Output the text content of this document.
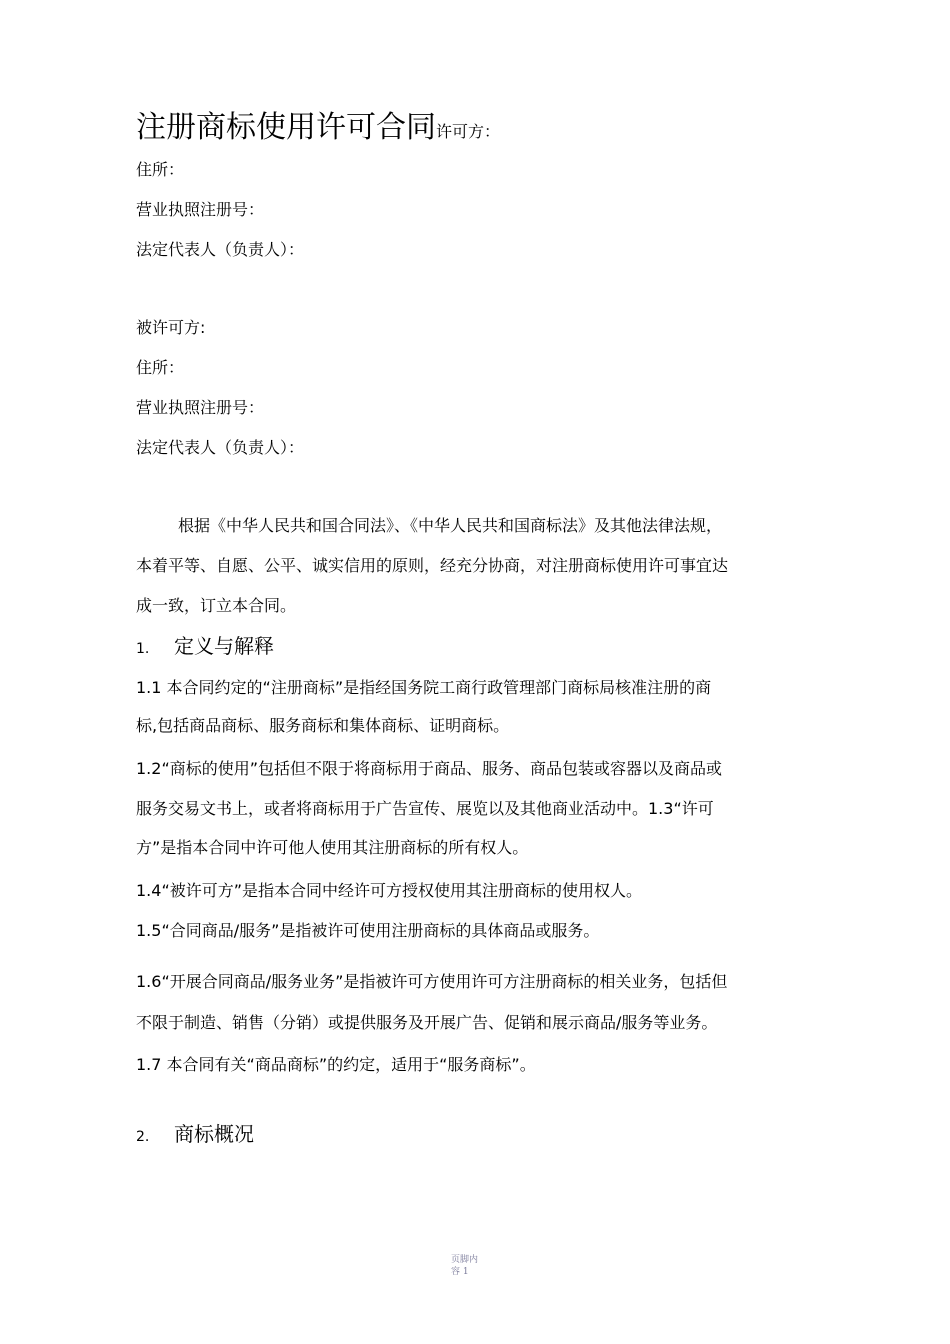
注册商标使用许可合同许可方：
住所：
营业执照注册号：
法定代表人（负责人）：
被许可方:
住所：
营业执照注册号：
法定代表人（负责人）：
根据《中华人民共和国合同法》、《中华人民共和国商标法》及其他法律法规，
本着平等、自愿、公平、诚实信用的原则，经充分协商，对注册商标使用许可事宜达
成一致，订立本合同。
1. 定义与解释
1.1 本合同约定的“注册商标”是指经国务院工商行政管理部门商标局核准注册的商
标,包括商品商标、服务商标和集体商标、证明商标。
1.2“商标的使用”包括但不限于将商标用于商品、服务、商品包装或容器以及商品或
服务交易文书上，或者将商标用于广告宣传、展览以及其他商业活动中。1.3“许可
方”是指本合同中许可他人使用其注册商标的所有权人。
1.4“被许可方”是指本合同中经许可方授权使用其注册商标的使用权人。
1.5“合同商品/服务”是指被许可使用注册商标的具体商品或服务。
1.6“开展合同商品/服务业务”是指被许可方使用许可方注册商标的相关业务，包括但
不限于制造、销售（分销）或提供服务及开展广告、促销和展示商品/服务等业务。
1.7 本合同有关“商品商标”的约定，适用于“服务商标”。
2. 商标概况
页脚内
容 1
